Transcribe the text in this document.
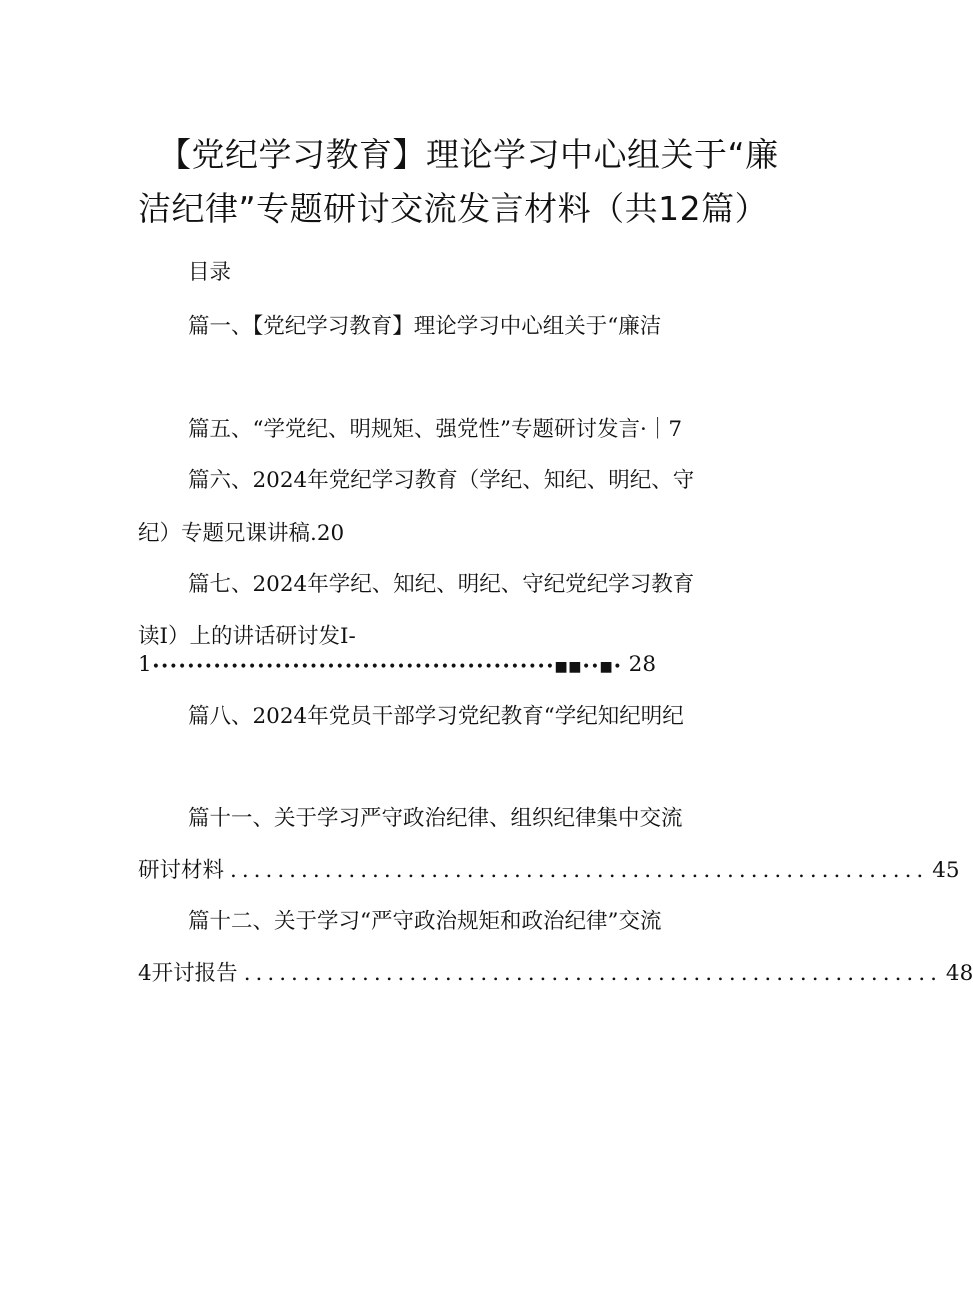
【党纪学习教育】理论学习中心组关于“廉
洁纪律”专题研讨交流发言材料（共12篇）
目录
篇一、【党纪学习教育】理论学习中心组关于“廉洁
篇五、“学党纪、明规矩、强党性”专题研讨发言·｜7
篇六、2024年党纪学习教育（学纪、知纪、明纪、守
纪）专题兄课讲稿.20
篇七、2024年学纪、知纪、明纪、守纪党纪学习教育
读I）上的讲话研讨发I-
1 ••••••••••••••••••••••••••••••••••••••••••••••■■••■• 28
篇八、2024年党员干部学习党纪教育“学纪知纪明纪
篇十一、关于学习严守政治纪律、组织纪律集中交流
研讨材料 ........................................................... 45
篇十二、关于学习“严守政治规矩和政治纪律”交流
4开讨报告 ........................................................... 48
